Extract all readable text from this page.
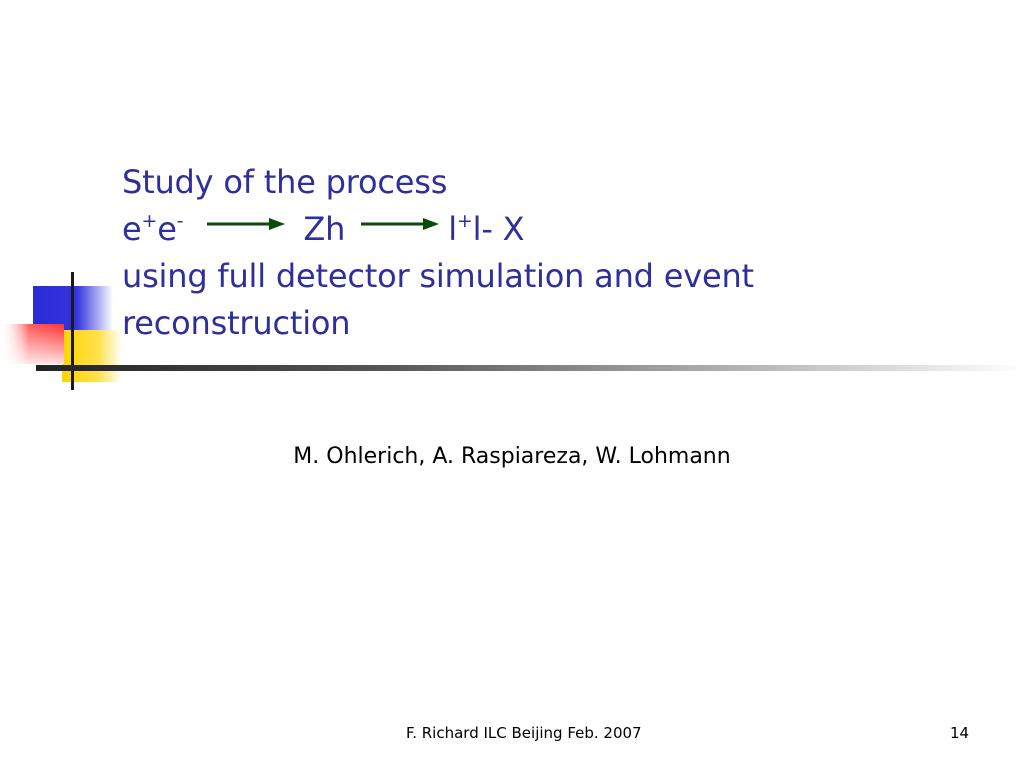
Study of the process
e+e-	Zh	l+l- X
using full detector simulation and event
reconstruction
M. Ohlerich, A. Raspiareza, W. Lohmann
F. Richard ILC Beijing Feb. 2007	14
